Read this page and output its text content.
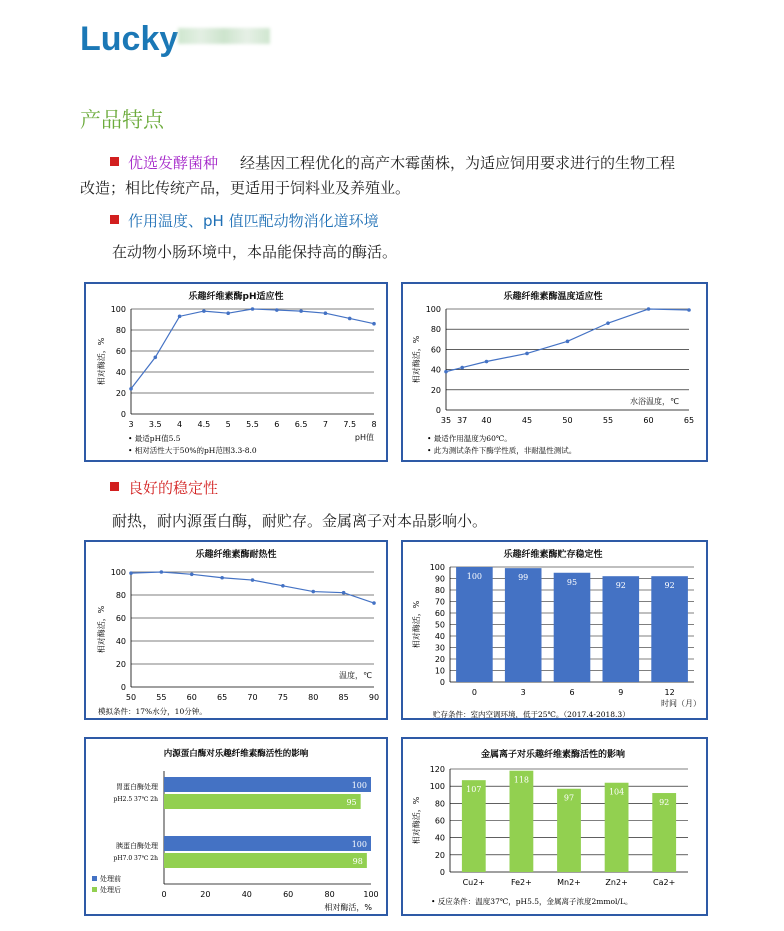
Lucky
产品特点
优选发酵菌种 经基因工程优化的高产木霉菌株，为适应饲用要求进行的生物工程
改造；相比传统产品，更适用于饲料业及养殖业。
作用温度、pH 值匹配动物消化道环境
在动物小肠环境中，本品能保持高的酶活。
乐趣纤维素酶pH适应性
0
20
40
60
80
100
相对酶活，%
3 3.5 4 4.5 5 5.5 6 6.5 7 7.5 8
pH值
• 最适pH值5.5
• 相对活性大于50%的pH范围3.3-8.0
乐趣纤维素酶温度适应性
0
20
40
60
80
100
相对酶活，%
35 37 40	45	50	55	60	65
水浴温度，℃
• 最适作用温度为60℃。
• 此为测试条件下酶学性质，非耐温性测试。
良好的稳定性
耐热，耐内源蛋白酶，耐贮存。金属离子对本品影响小。
乐趣纤维素酶耐热性
0
20
40
60
80
100
相对酶活，%
50	55	60	65	70	75	80	85	90
温度，℃
模拟条件：17%水分，10分钟。
乐趣纤维素酶贮存稳定性
0
10
20
30
40
50
60
70
80
90
100
相对酶活，%
100
0
99
3
95
6
92
9
92
12
时间（月）
贮存条件：室内空调环境，低于25℃。（2017.4-2018.3）
内源蛋白酶对乐趣纤维素酶活性的影响
0	20	40	60	80	100
100
95
胃蛋白酶处理
pH2.5 37℃ 2h
100
98
胰蛋白酶处理
pH7.0 37℃ 2h
处理前
处理后
相对酶活，%
金属离子对乐趣纤维素酶活性的影响
0
20
40
60
80
100
120
相对酶活，%
107
Cu2+
118
Fe2+
97
Mn2+
104
Zn2+
92
Ca2+
• 反应条件：温度37℃，pH5.5，金属离子浓度2mmol/L。
